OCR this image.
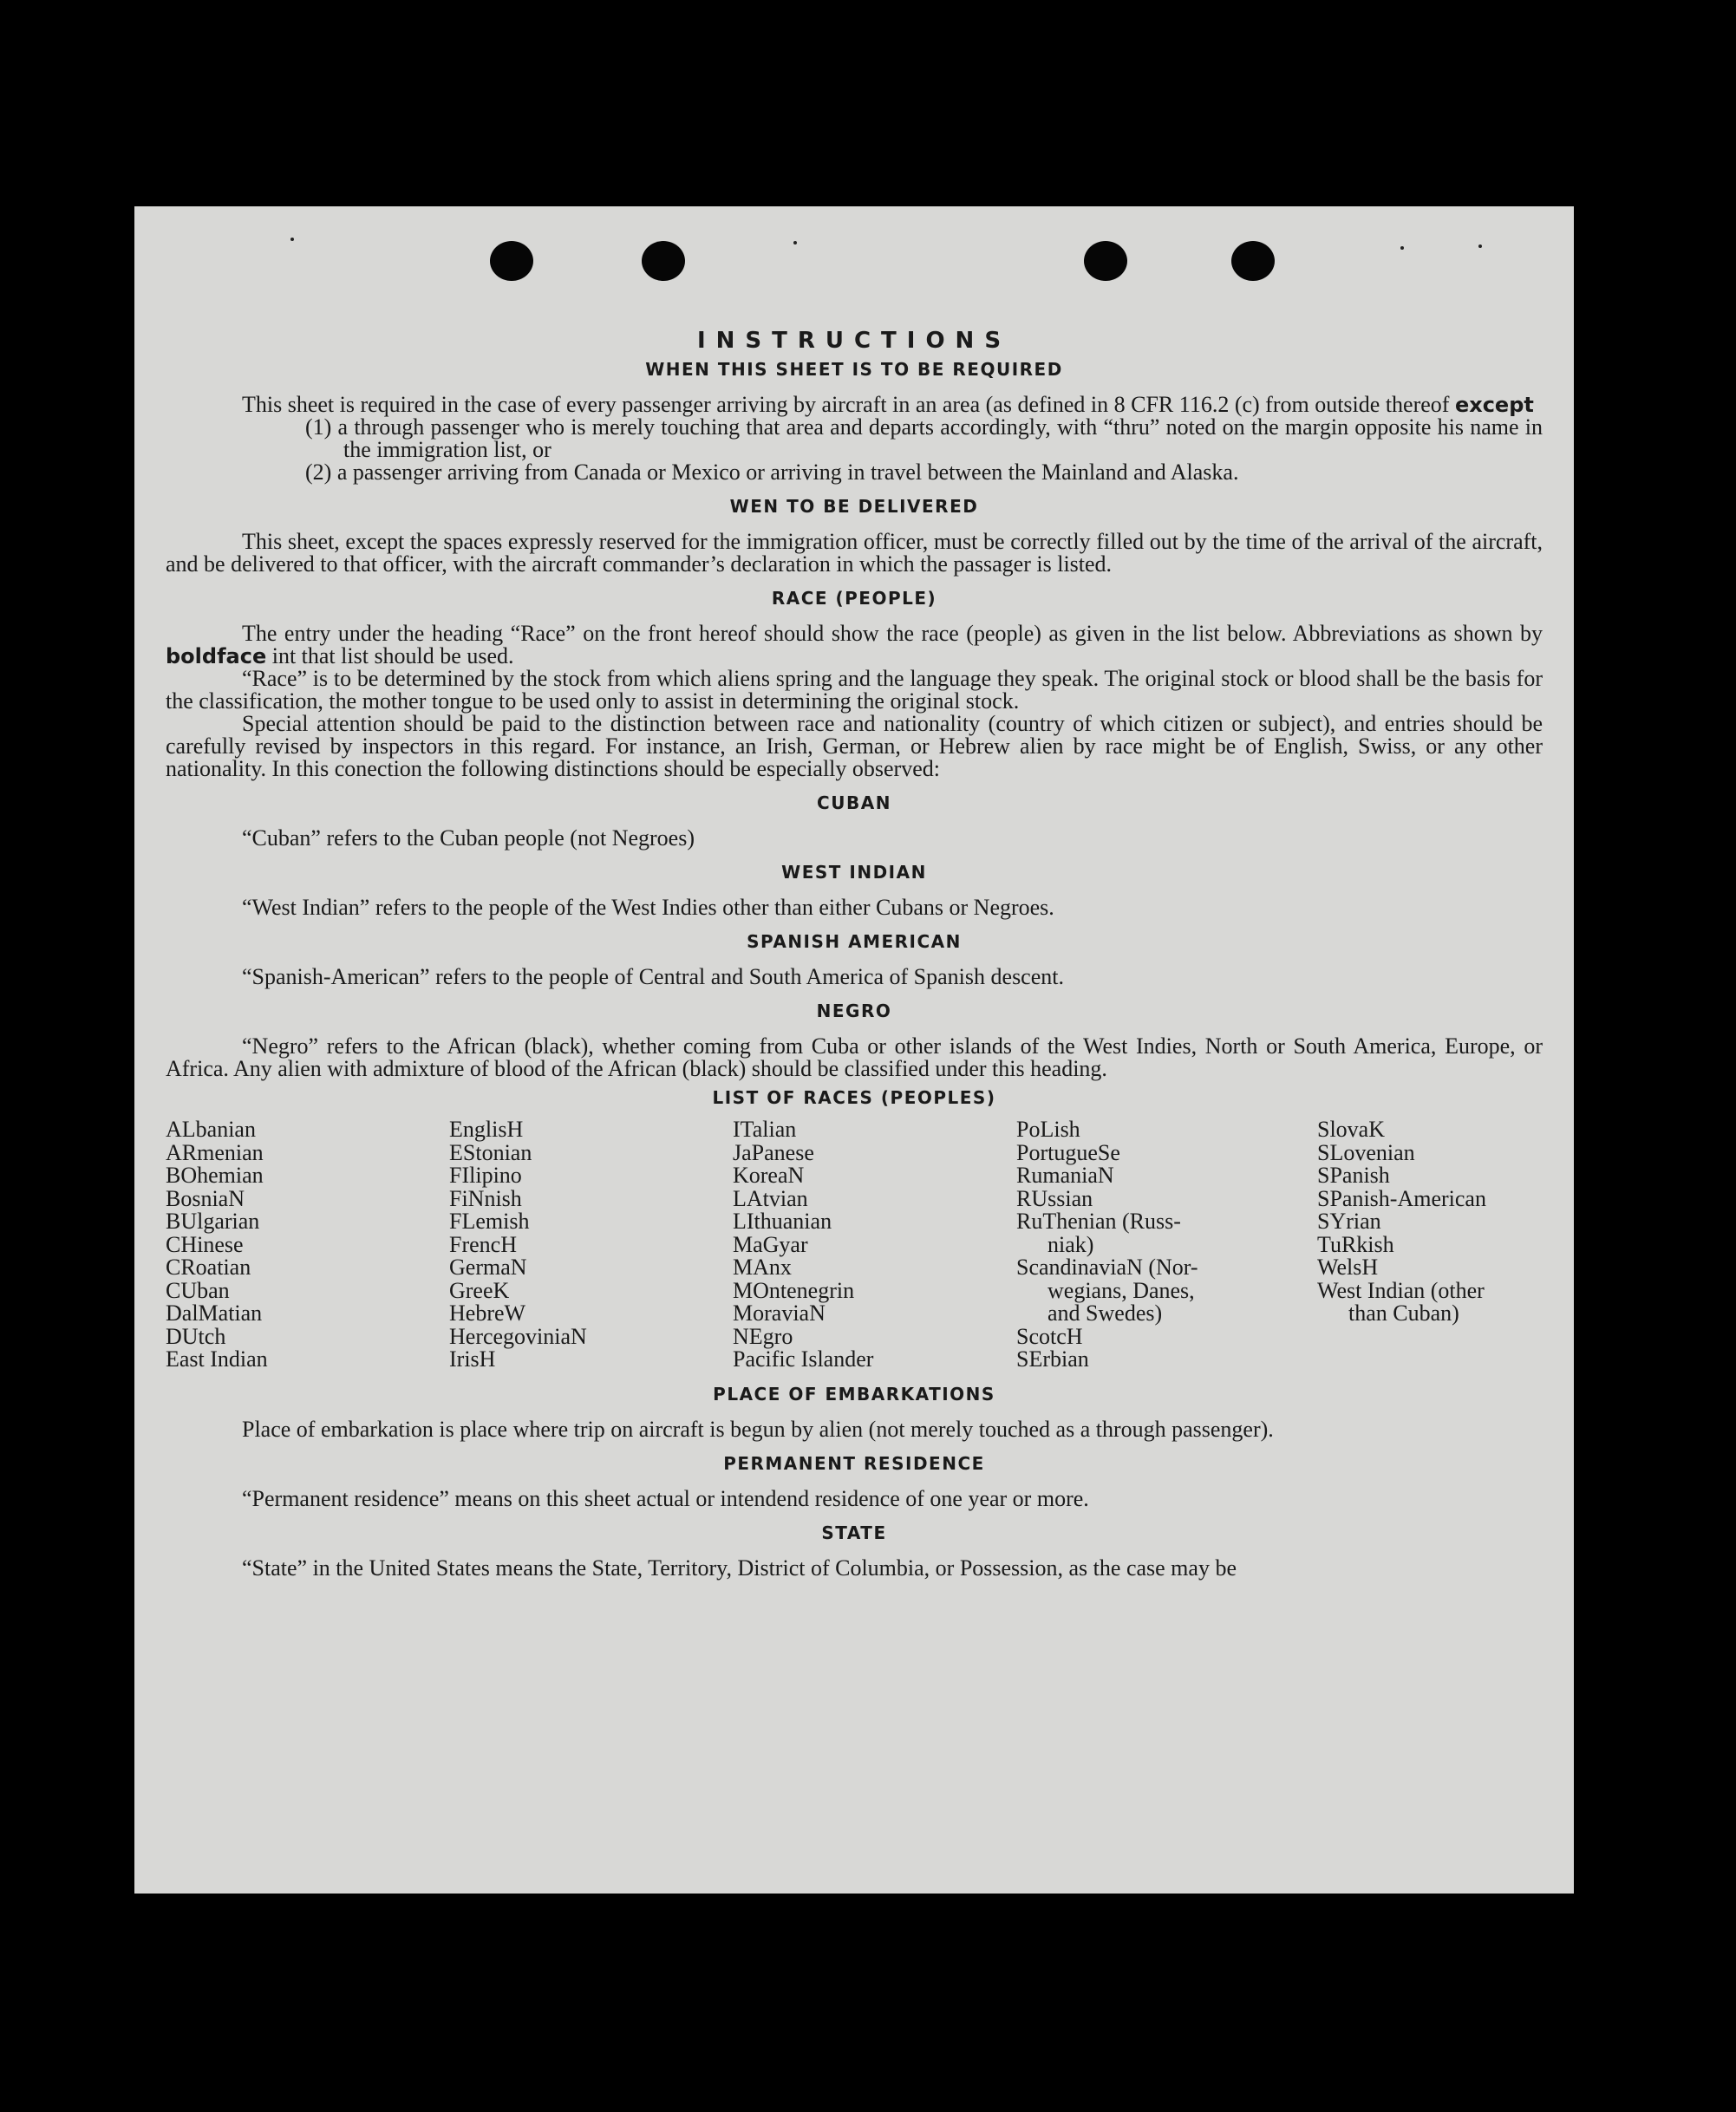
INSTRUCTIONS
WHEN THIS SHEET IS TO BE REQUIRED

This sheet is required in the case of every passenger arriving by aircraft in an area (as defined in 8 CFR 116.2 (c) from outside thereof except

(1) a through passenger who is merely touching that area and departs accordingly, with “thru” noted on the margin opposite his name in the immigration list, or
(2) a passenger arriving from Canada or Mexico or arriving in travel between the Mainland and Alaska.
WEN TO BE DELIVERED

This sheet, except the spaces expressly reserved for the immigration officer, must be correctly filled out by the time of the arrival of the aircraft, and be delivered to that officer, with the aircraft commander’s declaration in which the passager is listed.

RACE (PEOPLE)

The entry under the heading “Race” on the front hereof should show the race (people) as given in the list below. Abbreviations as shown by boldface int that list should be used.

“Race” is to be determined by the stock from which aliens spring and the language they speak. The original stock or blood shall be the basis for the classification, the mother tongue to be used only to assist in determining the original stock.

Special attention should be paid to the distinction between race and nationality (country of which citizen or subject), and entries should be carefully revised by inspectors in this regard. For instance, an Irish, German, or Hebrew alien by race might be of English, Swiss, or any other nationality. In this conection the following distinctions should be especially observed:

CUBAN

“Cuban” refers to the Cuban people (not Negroes)

WEST INDIAN

“West Indian” refers to the people of the West Indies other than either Cubans or Negroes.

SPANISH AMERICAN

“Spanish-American” refers to the people of Central and South America of Spanish descent.

NEGRO

“Negro” refers to the African (black), whether coming from Cuba or other islands of the West Indies, North or South America, Europe, or Africa. Any alien with admixture of blood of the African (black) should be classified under this heading.

LIST OF RACES (PEOPLES)
ALbanian
ARmenian
BOhemian
BosniaN
BUlgarian
CHinese
CRoatian
CUban
DalMatian
DUtch
East Indian
EnglisH
EStonian
FIlipino
FiNnish
FLemish
FrencH
GermaN
GreeK
HebreW
HercegoviniaN
IrisH
ITalian
JaPanese
KoreaN
LAtvian
LIthuanian
MaGyar
MAnx
MOntenegrin
MoraviaN
NEgro
Pacific Islander
PoLish
PortugueSe
RumaniaN
RUssian
RuThenian (Russ-
niak)
ScandinaviaN (Nor-
wegians, Danes,
and Swedes)
ScotcH
SErbian
SlovaK
SLovenian
SPanish
SPanish-American
SYrian
TuRkish
WelsH
West Indian (other
than Cuban)
PLACE OF EMBARKATIONS

Place of embarkation is place where trip on aircraft is begun by alien (not merely touched as a through passenger).

PERMANENT RESIDENCE

“Permanent residence” means on this sheet actual or intendend residence of one year or more.

STATE

“State” in the United States means the State, Territory, District of Columbia, or Possession, as the case may be
